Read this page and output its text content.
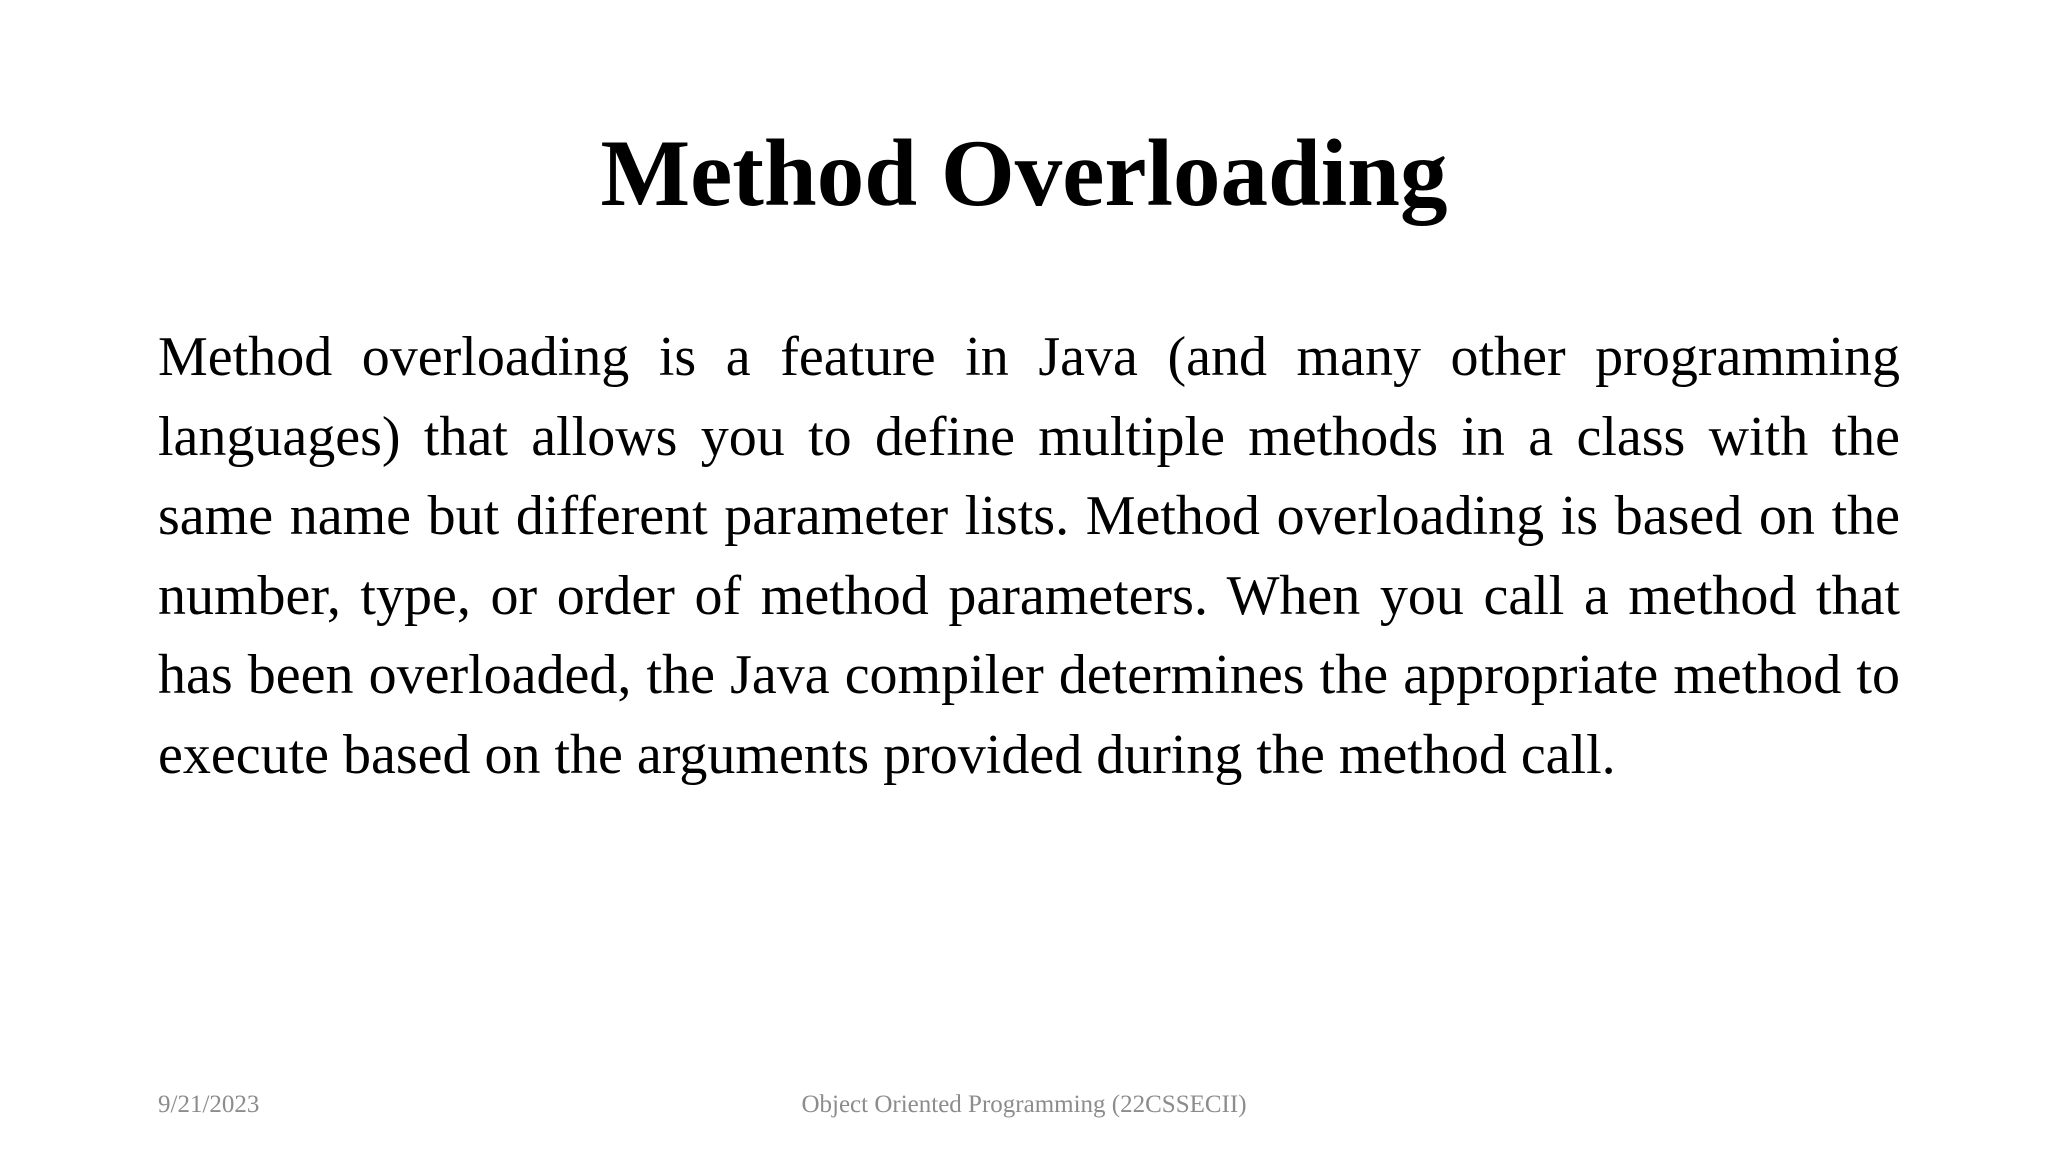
Method Overloading

Method overloading is a feature in Java (and many other programming languages) that allows you to define multiple methods in a class with the same name but different parameter lists. Method overloading is based on the number, type, or order of method parameters. When you call a method that has been overloaded, the Java compiler determines the appropriate method to execute based on the arguments provided during the method call.

Object Oriented Programming (22CSSECII)
9/21/2023
